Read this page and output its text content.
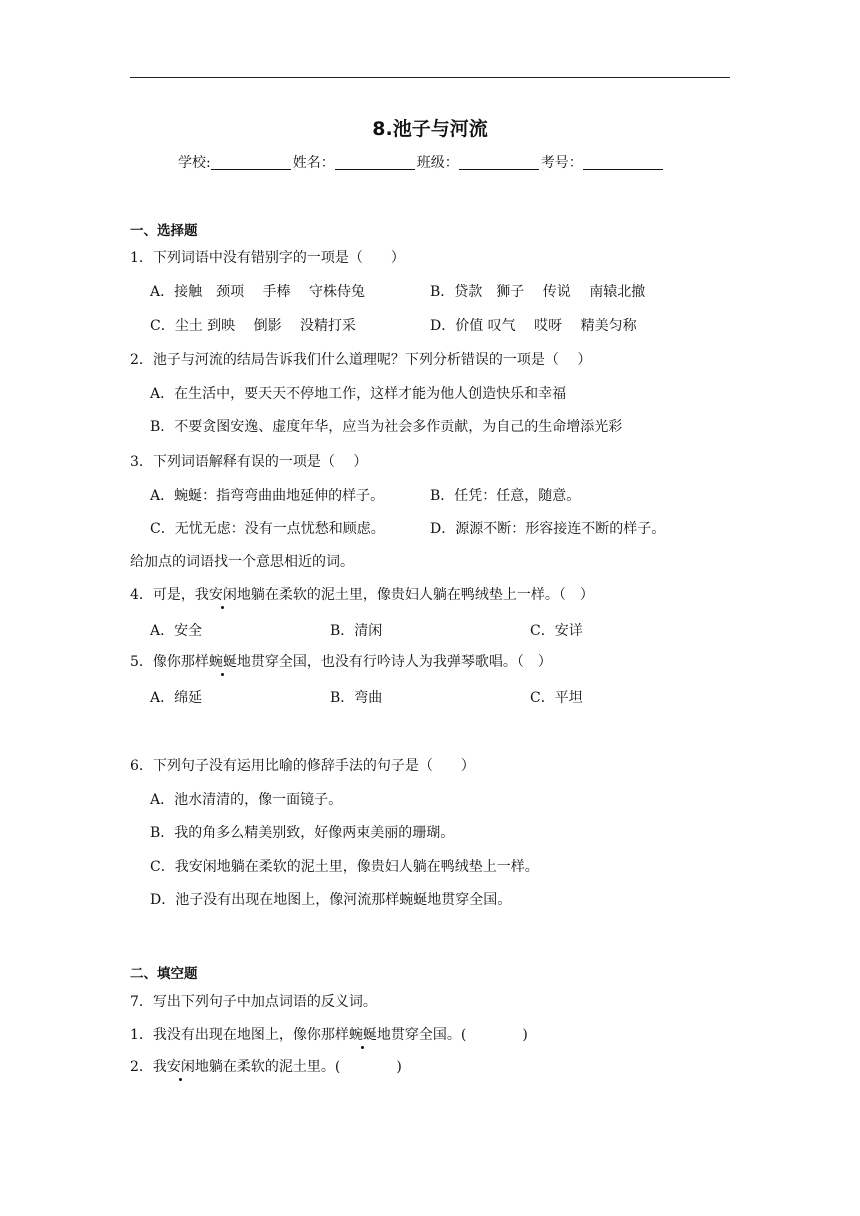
8.池子与河流
学校:	姓名：	班级：	考号：
一、选择题
1．下列词语中没有错别字的一项是（　　）
A．接触　颈项　 手棒　 守株侍兔	B．贷款　狮子　 传说　 南辕北撤
C．尘土 到映　 倒影　 没精打采	D．价值 叹气　 哎呀　 精美匀称
2．池子与河流的结局告诉我们什么道理呢？下列分析错误的一项是（　 ）
A．在生活中，要天天不停地工作，这样才能为他人创造快乐和幸福
B．不要贪图安逸、虚度年华，应当为社会多作贡献，为自己的生命增添光彩
3．下列词语解释有误的一项是（　 ）
A．蜿蜒：指弯弯曲曲地延伸的样子。	B．任凭：任意，随意。
C．无忧无虑：没有一点忧愁和顾虑。	D．源源不断：形容接连不断的样子。
给加点的词语找一个意思相近的词。
4．可是，我安闲地躺在柔软的泥土里，像贵妇人躺在鸭绒垫上一样。（　）
A．安全	B．清闲	C．安详
5．像你那样蜿蜒地贯穿全国，也没有行吟诗人为我弹琴歌唱。（　）
A．绵延	B．弯曲	C．平坦
6．下列句子没有运用比喻的修辞手法的句子是（　　）
A．池水清清的，像一面镜子。
B．我的角多么精美别致，好像两束美丽的珊瑚。
C．我安闲地躺在柔软的泥土里，像贵妇人躺在鸭绒垫上一样。
D．池子没有出现在地图上，像河流那样蜿蜒地贯穿全国。
二、填空题
7．写出下列句子中加点词语的反义词。
1．我没有出现在地图上，像你那样蜿蜒地贯穿全国。(　　　　)
2．我安闲地躺在柔软的泥土里。(　　　　)
